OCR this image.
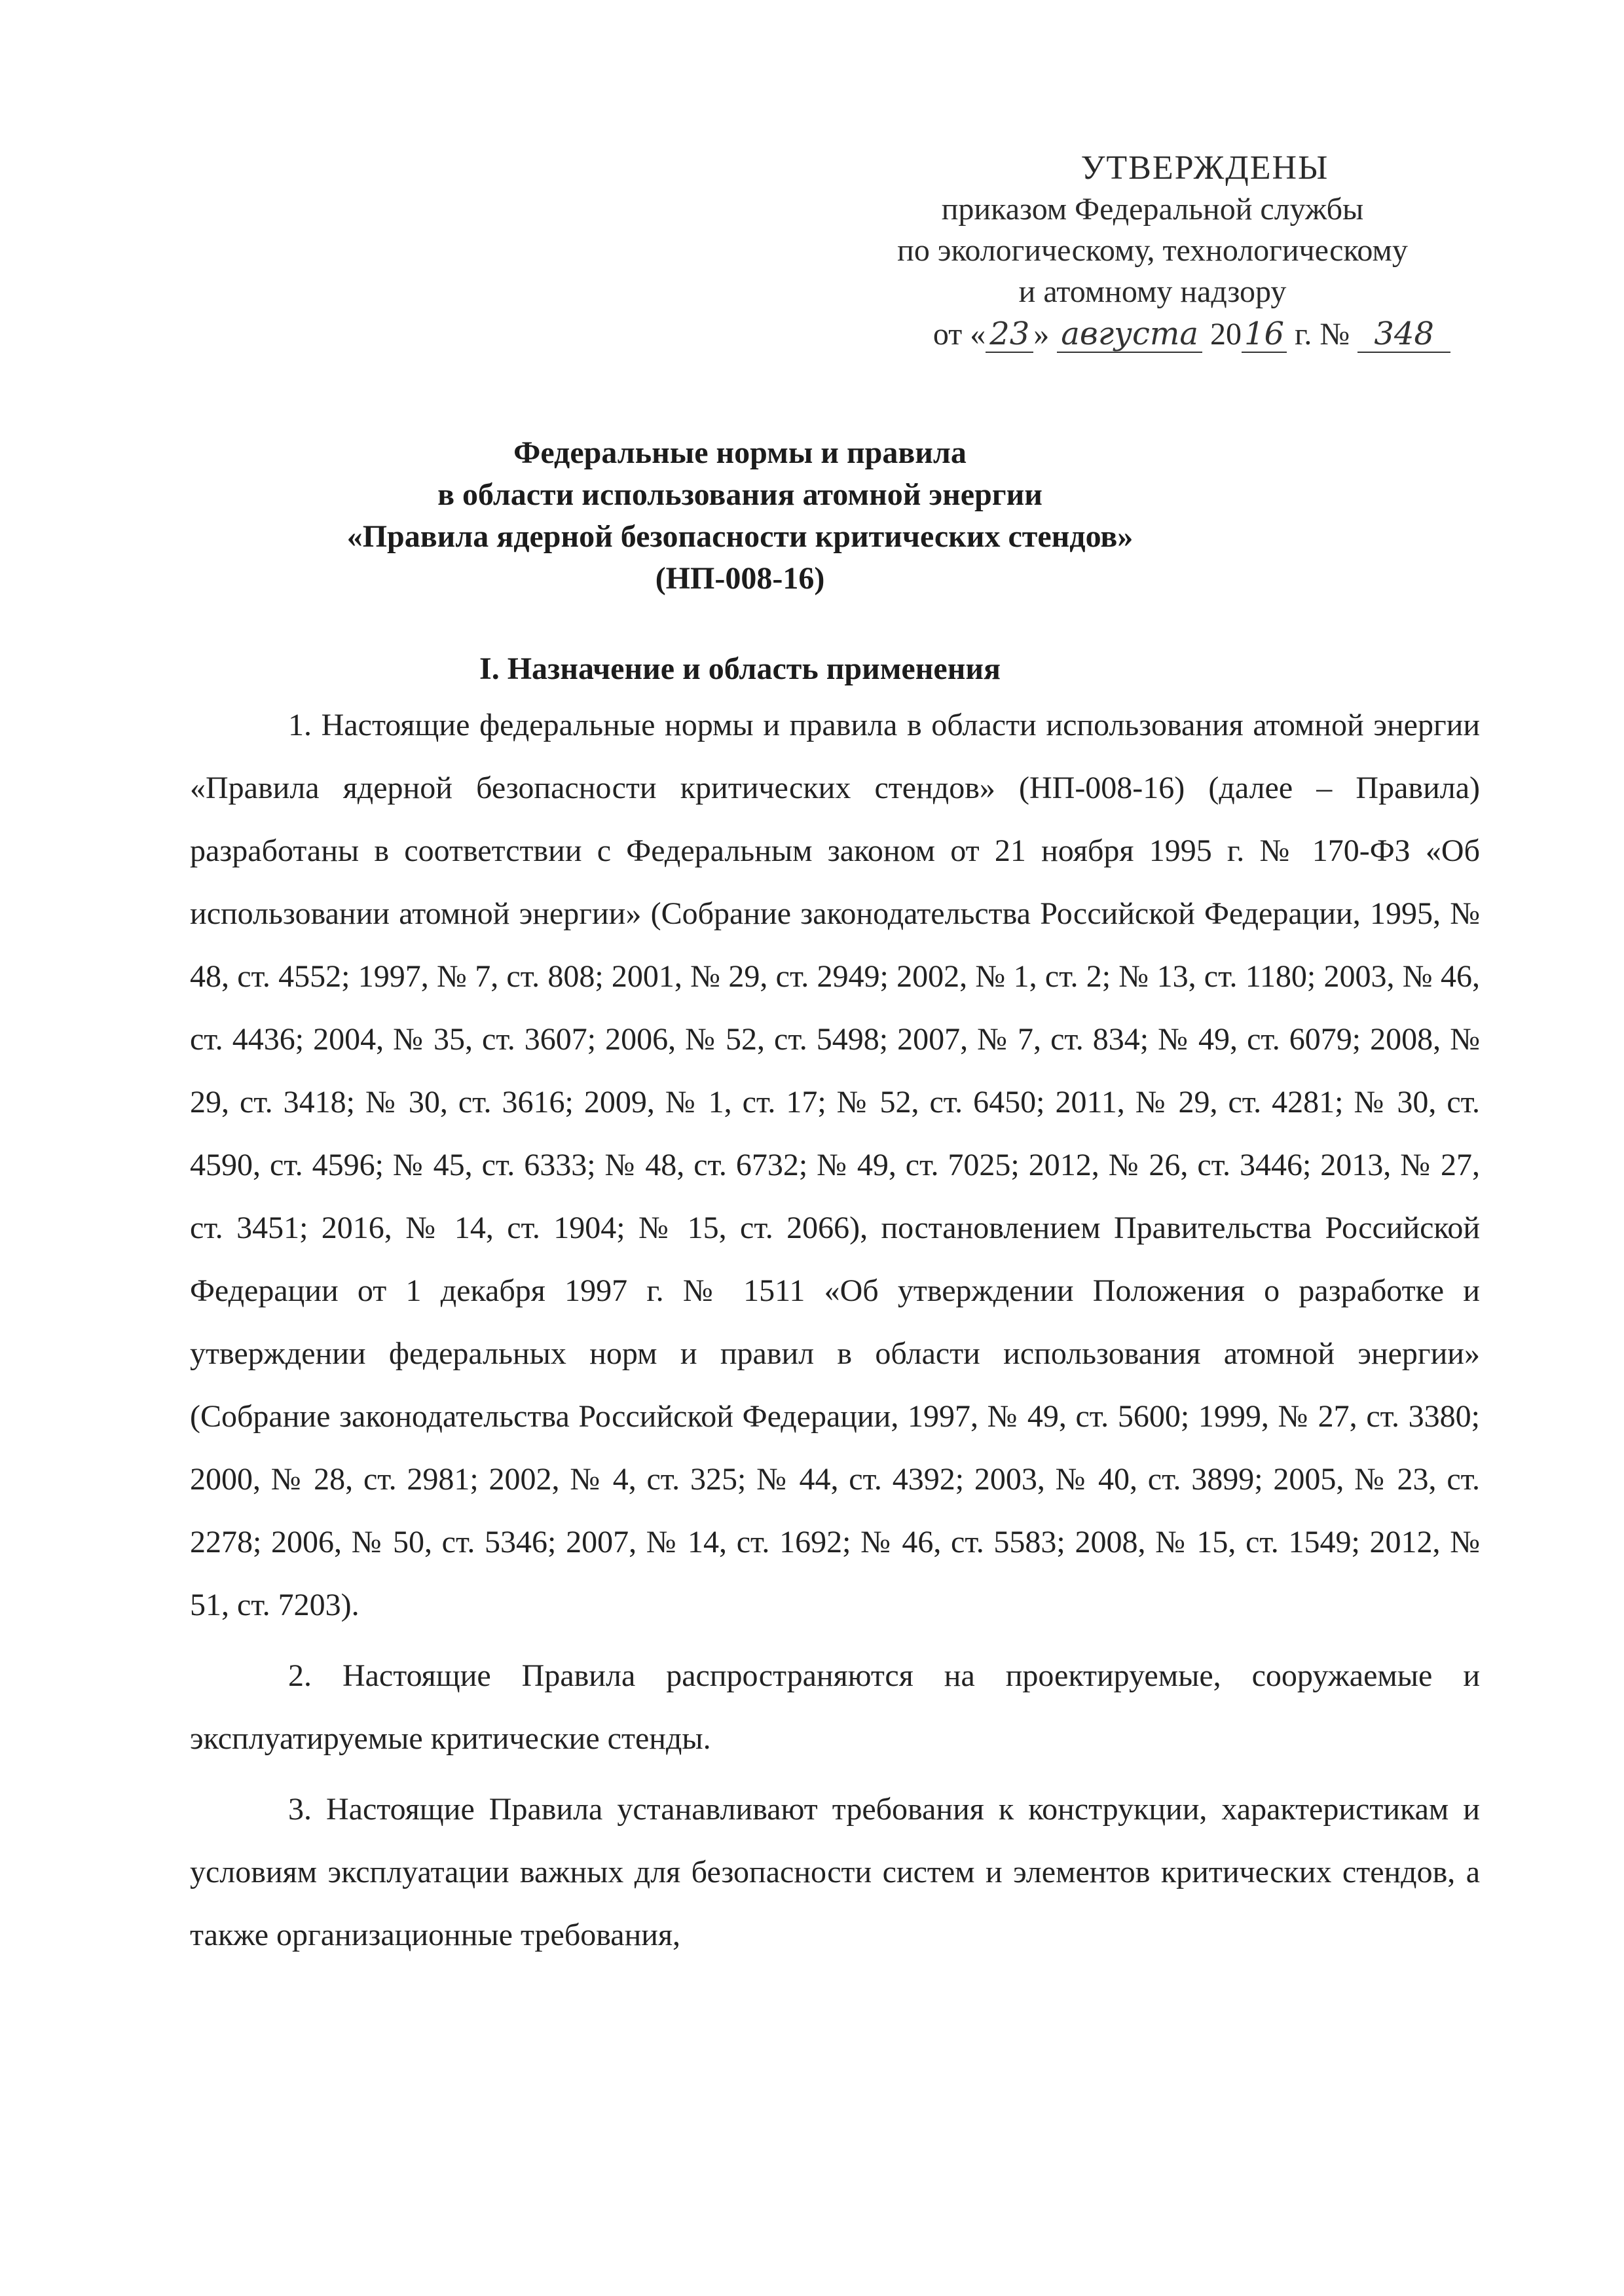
УТВЕРЖДЕНЫ
приказом Федеральной службы
по экологическому, технологическому
и атомному надзору
от « 23 » августа 2016 г. № 348
Федеральные нормы и правила
в области использования атомной энергии
«Правила ядерной безопасности критических стендов»
(НП-008-16)
I. Назначение и область применения

1. Настоящие федеральные нормы и правила в области использования атомной энергии «Правила ядерной безопасности критических стендов» (НП-008-16) (далее – Правила) разработаны в соответствии с Федеральным законом от 21 ноября 1995 г. № 170-ФЗ «Об использовании атомной энергии» (Собрание законодательства Российской Федерации, 1995, № 48, ст. 4552; 1997, № 7, ст. 808; 2001, № 29, ст. 2949; 2002, № 1, ст. 2; № 13, ст. 1180; 2003, № 46, ст. 4436; 2004, № 35, ст. 3607; 2006, № 52, ст. 5498; 2007, № 7, ст. 834; № 49, ст. 6079; 2008, № 29, ст. 3418; № 30, ст. 3616; 2009, № 1, ст. 17; № 52, ст. 6450; 2011, № 29, ст. 4281; № 30, ст. 4590, ст. 4596; № 45, ст. 6333; № 48, ст. 6732; № 49, ст. 7025; 2012, № 26, ст. 3446; 2013, № 27, ст. 3451; 2016, № 14, ст. 1904; № 15, ст. 2066), постановлением Правительства Российской Федерации от 1 декабря 1997 г. № 1511 «Об утверждении Положения о разработке и утверждении федеральных норм и правил в области использования атомной энергии» (Собрание законодательства Российской Федерации, 1997, № 49, ст. 5600; 1999, № 27, ст. 3380; 2000, № 28, ст. 2981; 2002, № 4, ст. 325; № 44, ст. 4392; 2003, № 40, ст. 3899; 2005, № 23, ст. 2278; 2006, № 50, ст. 5346; 2007, № 14, ст. 1692; № 46, ст. 5583; 2008, № 15, ст. 1549; 2012, № 51, ст. 7203).

2. Настоящие Правила распространяются на проектируемые, сооружаемые и эксплуатируемые критические стенды.

3. Настоящие Правила устанавливают требования к конструкции, характеристикам и условиям эксплуатации важных для безопасности систем и элементов критических стендов, а также организационные требования,
